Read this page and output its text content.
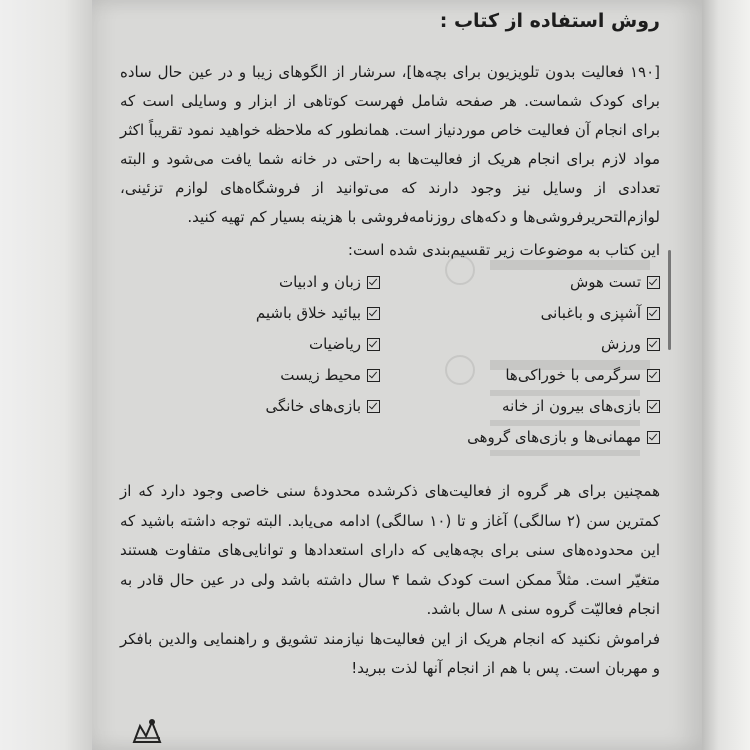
روش استفاده از کتاب :

[۱۹۰ فعالیت بدون تلویزیون برای بچه‌ها]، سرشار از الگوهای زیبا و در عین حال ساده برای کودک شماست. هر صفحه شامل فهرست کوتاهی از ابزار و وسایلی است که برای انجام آن فعالیت خاص موردنیاز است. همانطور که ملاحظه خواهید نمود تقریباً اکثر مواد لازم برای انجام هریک از فعالیت‌ها به راحتی در خانه شما یافت می‌شود و البته تعدادی از وسایل نیز وجود دارند که می‌توانید از فروشگاه‌های لوازم تزئینی، لوازم‌التحریرفروشی‌ها و دکه‌های روزنامه‌فروشی با هزینه بسیار کم تهیه کنید.

این کتاب به موضوعات زیر تقسیم‌بندی شده است:
تست هوش
آشپزی و باغبانی
ورزش
سرگرمی با خوراکی‌ها
بازی‌های بیرون از خانه
مهمانی‌ها و بازی‌های گروهی
زبان و ادبیات
بیائید خلاق باشیم
ریاضیات
محیط زیست
بازی‌های خانگی

همچنین برای هر گروه از فعالیت‌های ذکرشده محدودهٔ سنی خاصی وجود دارد که از کمترین سن (۲ سالگی) آغاز و تا (۱۰ سالگی) ادامه می‌یابد. البته توجه داشته باشید که این محدوده‌های سنی برای بچه‌هایی که دارای استعدادها و توانایی‌های متفاوت هستند متغیّر است. مثلاً ممکن است کودک شما ۴ سال داشته باشد ولی در عین حال قادر به انجام فعالیّت گروه سنی ۸ سال باشد.

فراموش نکنید که انجام هریک از این فعالیت‌ها نیازمند تشویق و راهنمایی والدین بافکر و مهربان است. پس با هم از انجام آنها لذت ببرید!
